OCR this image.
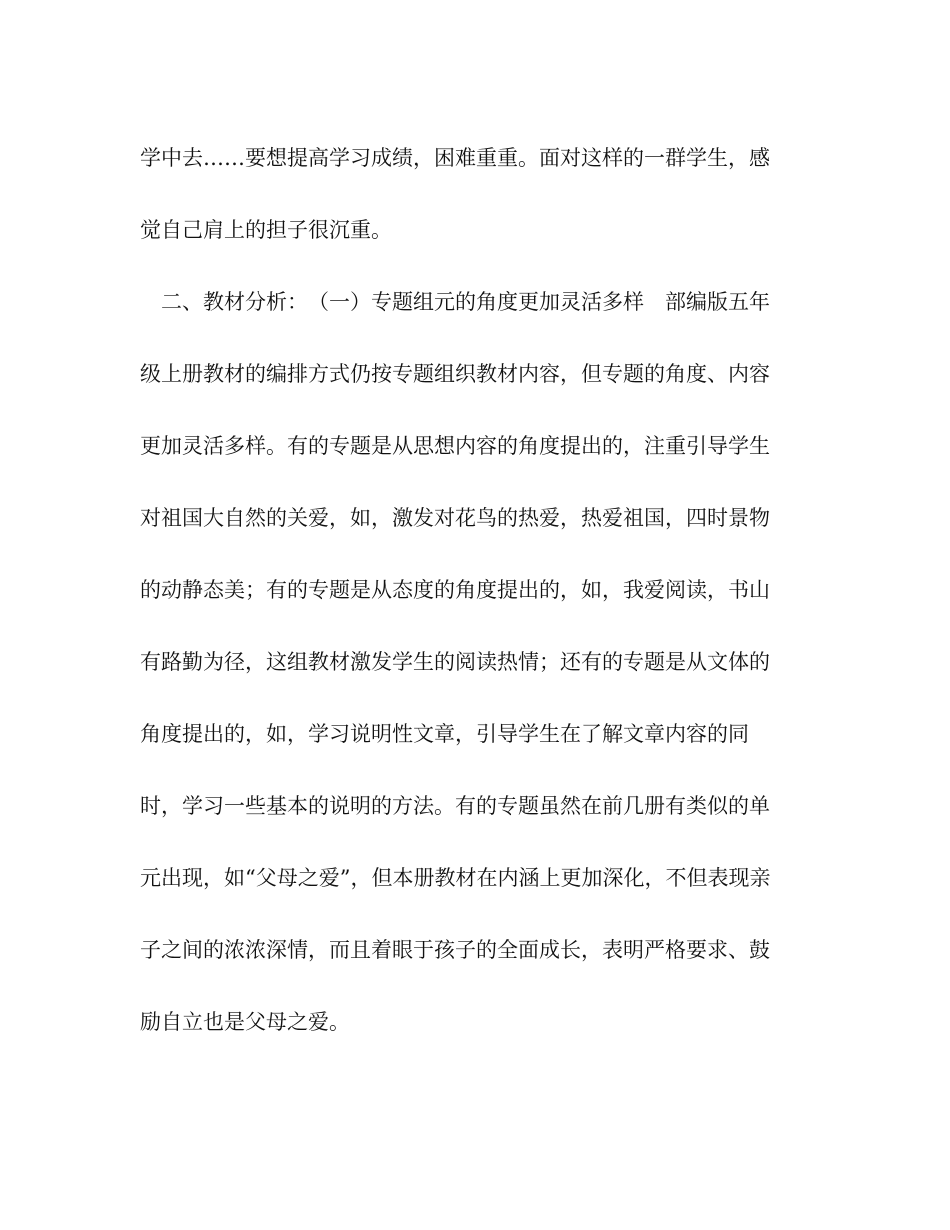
学中去……要想提高学习成绩，困难重重。面对这样的一群学生，感
觉自己肩上的担子很沉重。
　二、教材分析：　（一）专题组元的角度更加灵活多样　部编版五年
级上册教材的编排方式仍按专题组织教材内容，但专题的角度、内容
更加灵活多样。有的专题是从思想内容的角度提出的，注重引导学生
对祖国大自然的关爱，如，激发对花鸟的热爱，热爱祖国，四时景物
的动静态美；有的专题是从态度的角度提出的，如，我爱阅读，书山
有路勤为径，这组教材激发学生的阅读热情；还有的专题是从文体的
角度提出的，如，学习说明性文章，引导学生在了解文章内容的同
时，学习一些基本的说明的方法。有的专题虽然在前几册有类似的单
元出现，如“父母之爱”，但本册教材在内涵上更加深化，不但表现亲
子之间的浓浓深情，而且着眼于孩子的全面成长，表明严格要求、鼓
励自立也是父母之爱。
